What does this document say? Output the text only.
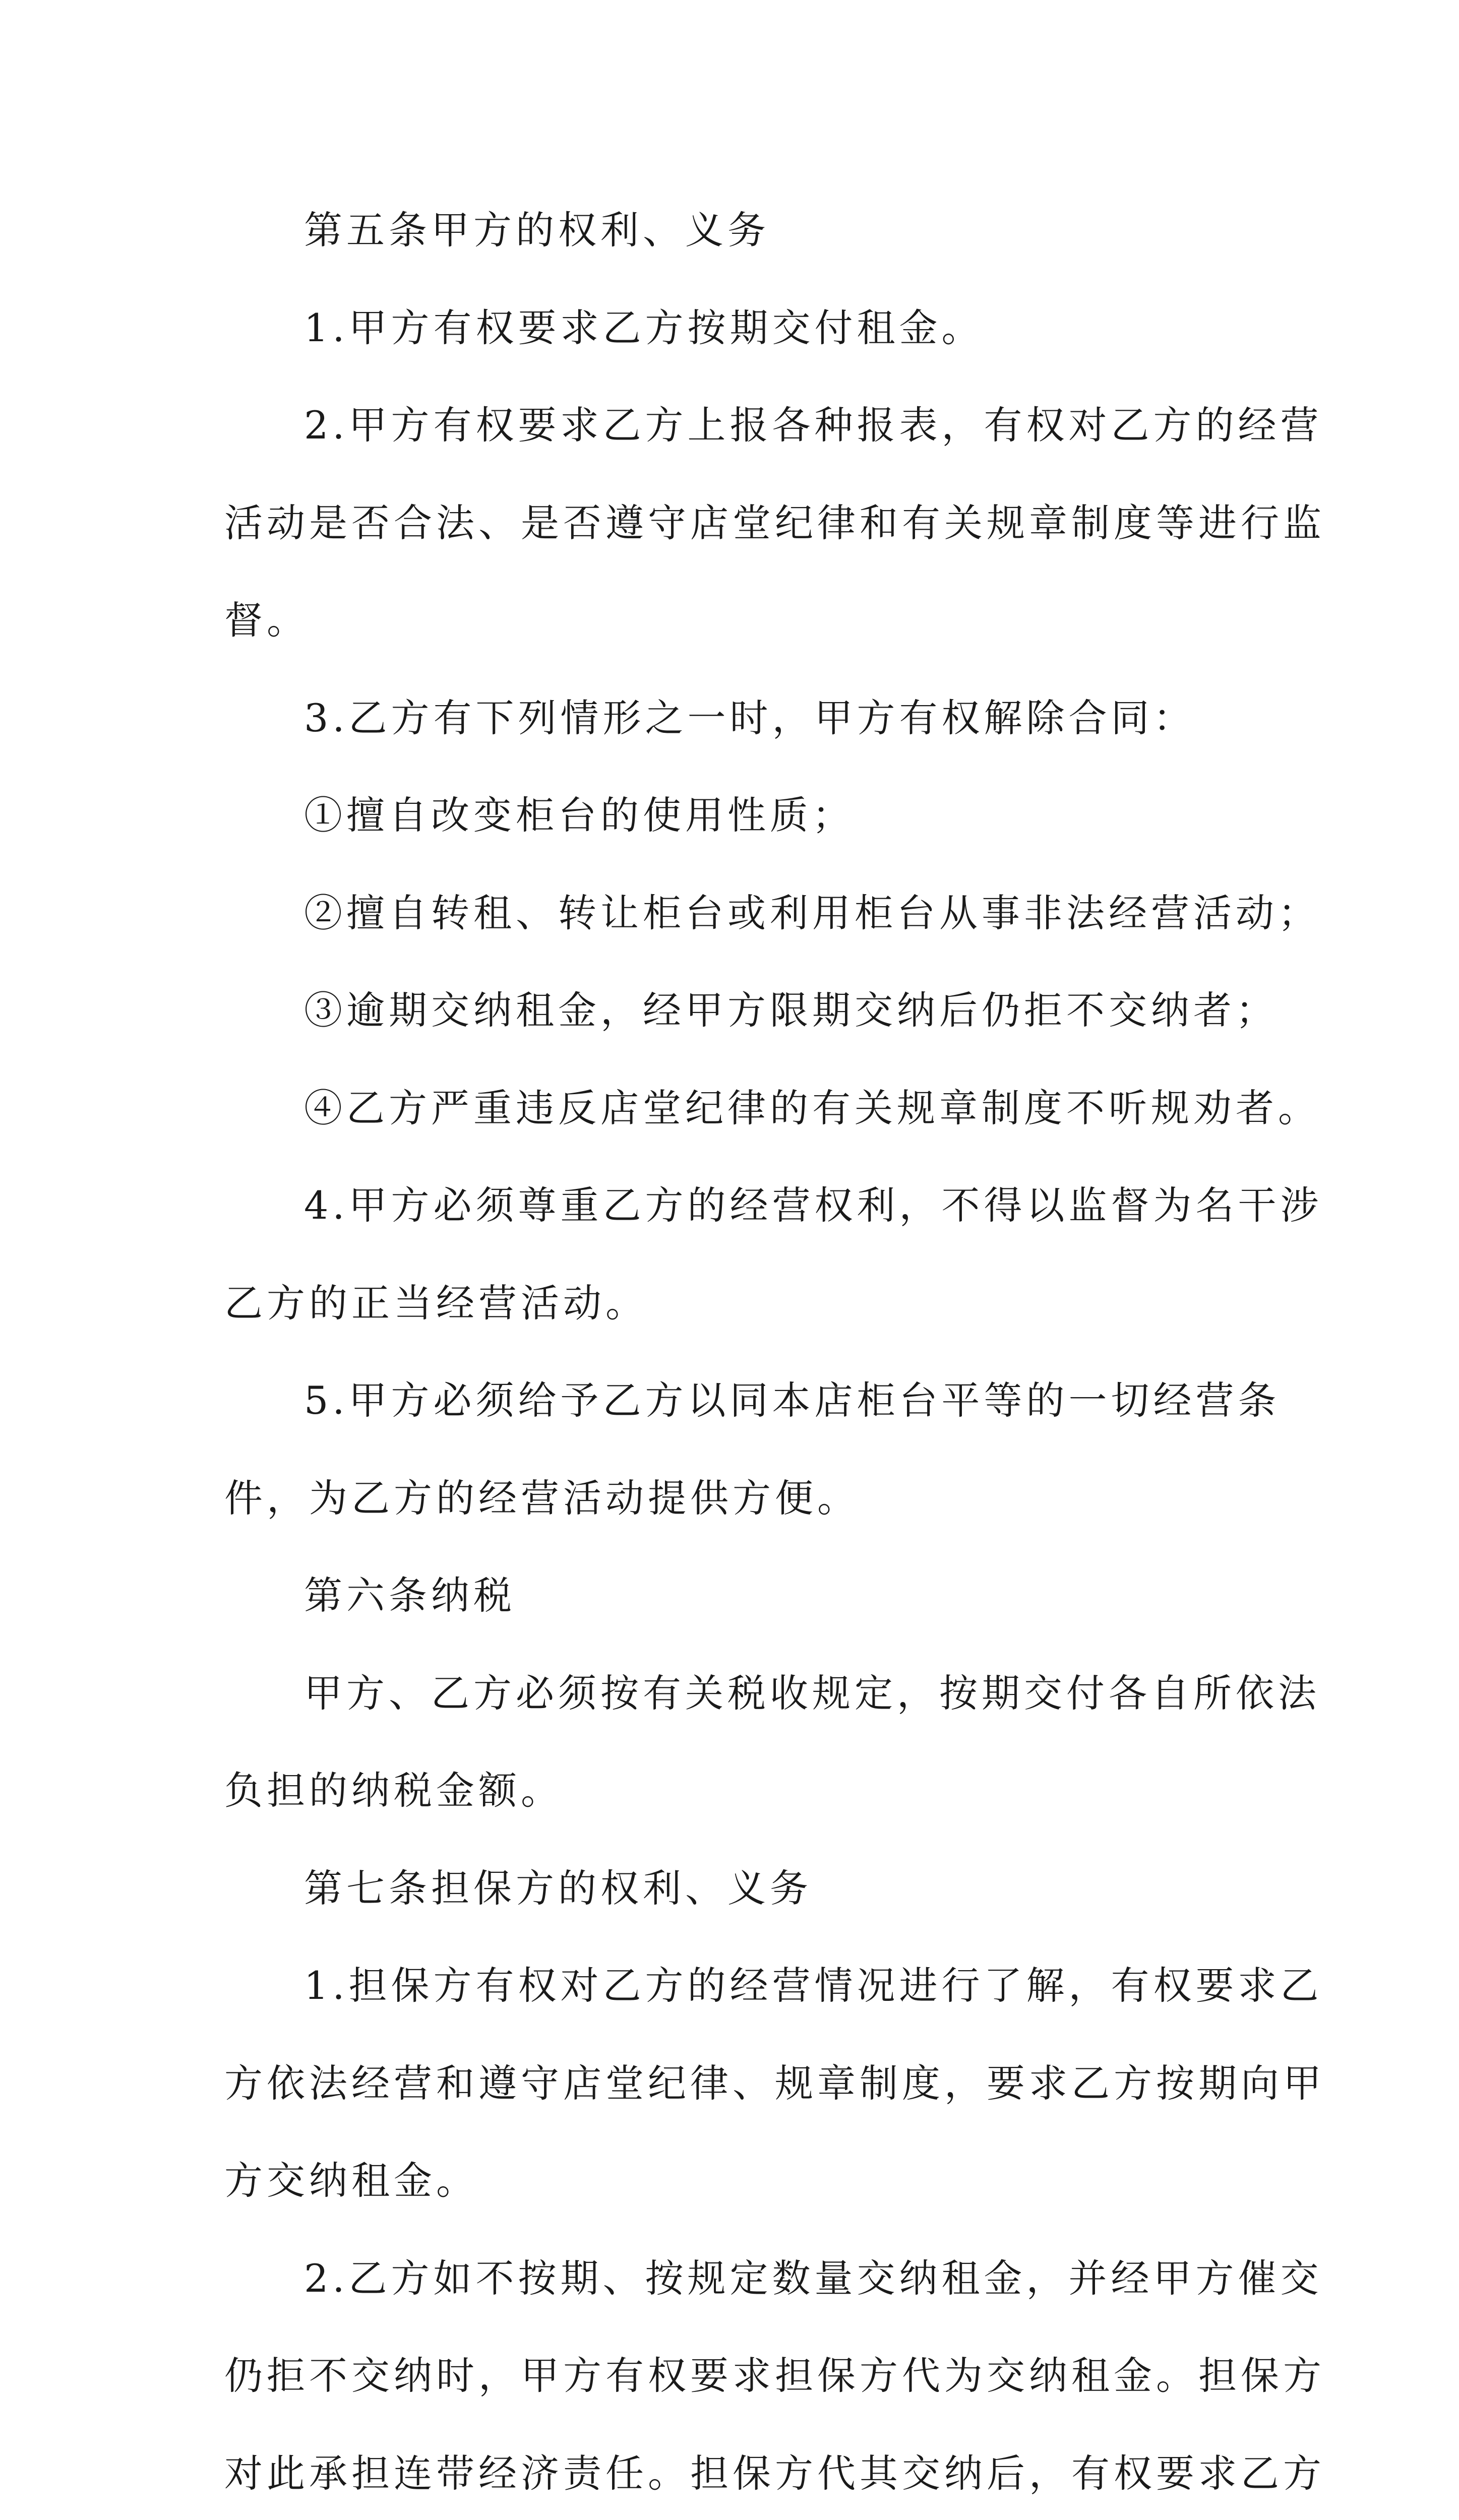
第五条甲方的权利、义务
1.甲方有权要求乙方按期交付租金。
2.甲方有权要求乙方上报各种报表，有权对乙方的经营
活动是否合法、是否遵守店堂纪律和有关规章制度等进行监
督。
3.乙方有下列情形之一时，甲方有权解除合同：
①擅自改变柜台的使用性质；
②擅自转租、转让柜台或利用柜台从事非法经营活动；
③逾期交纳租金，经甲方限期交纳后仍拒不交纳者；
④乙方严重违反店堂纪律的有关规章制度不听规劝者。
4.甲方必须尊重乙方的经营权利，不得以监督为名干涉
乙方的正当经营活动。
5.甲方必须给予乙方以同本店柜台平等的一切经营条
件，为乙方的经营活动提供方便。
第六条纳税
甲方、乙方必须按有关税收规定，按期交付各自所依法
负担的纳税金额。
第七条担保方的权利、义务
1.担保方有权对乙方的经营情况进行了解，有权要求乙
方依法经营和遵守店堂纪律、规章制度，要求乙方按期向甲
方交纳租金。
2.乙方如不按期、按规定数量交纳租金，并经甲方催交
仍拒不交纳时，甲方有权要求担保方代为交纳租金。担保方
对此承担连带经济责任。担保方代其交纳后，有权要求乙方
